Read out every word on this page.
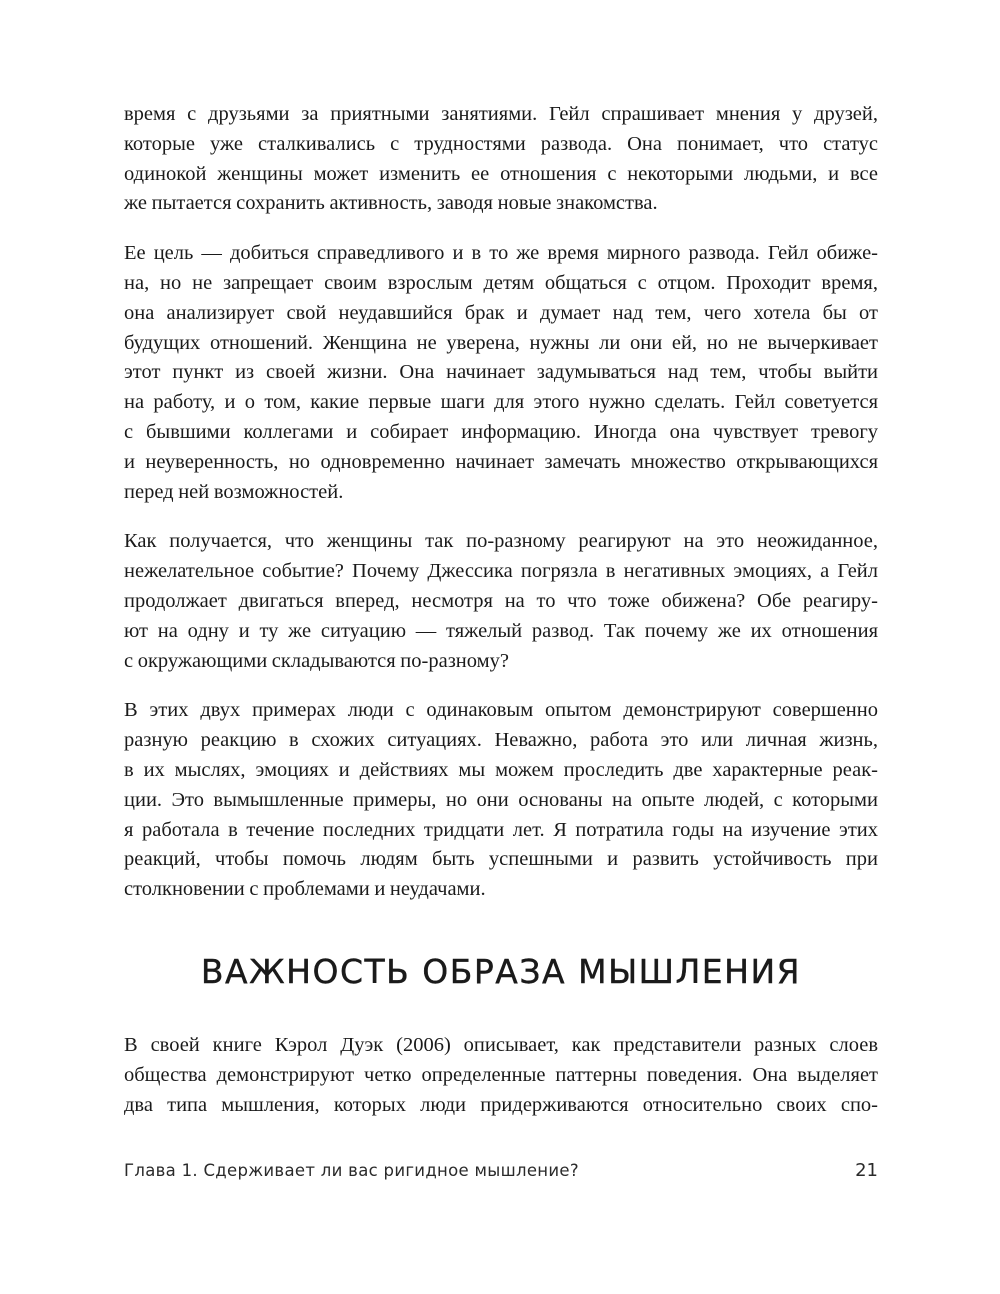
время с друзьями за приятными занятиями. Гейл спрашивает мнения у друзей,
которые уже сталкивались с трудностями развода. Она понимает, что статус
одинокой женщины может изменить ее отношения с некоторыми людьми, и все
же пытается сохранить активность, заводя новые знакомства.

Ее цель — добиться справедливого и в то же время мирного развода. Гейл обиже-
на, но не запрещает своим взрослым детям общаться с отцом. Проходит время,
она анализирует свой неудавшийся брак и думает над тем, чего хотела бы от
будущих отношений. Женщина не уверена, нужны ли они ей, но не вычеркивает
этот пункт из своей жизни. Она начинает задумываться над тем, чтобы выйти
на работу, и о том, какие первые шаги для этого нужно сделать. Гейл советуется
с бывшими коллегами и собирает информацию. Иногда она чувствует тревогу
и неуверенность, но одновременно начинает замечать множество открывающихся
перед ней возможностей.

Как получается, что женщины так по-разному реагируют на это неожиданное,
нежелательное событие? Почему Джессика погрязла в негативных эмоциях, а Гейл
продолжает двигаться вперед, несмотря на то что тоже обижена? Обе реагиру-
ют на одну и ту же ситуацию — тяжелый развод. Так почему же их отношения
с окружающими складываются по-разному?

В этих двух примерах люди с одинаковым опытом демонстрируют совершенно
разную реакцию в схожих ситуациях. Неважно, работа это или личная жизнь,
в их мыслях, эмоциях и действиях мы можем проследить две характерные реак-
ции. Это вымышленные примеры, но они основаны на опыте людей, с которыми
я работала в течение последних тридцати лет. Я потратила годы на изучение этих
реакций, чтобы помочь людям быть успешными и развить устойчивость при
столкновении с проблемами и неудачами.

ВАЖНОСТЬ ОБРАЗА МЫШЛЕНИЯ

В своей книге Кэрол Дуэк (2006) описывает, как представители разных слоев
общества демонстрируют четко определенные паттерны поведения. Она выделяет
два типа мышления, которых люди придерживаются относительно своих спо-

Глава 1. Сдерживает ли вас ригидное мышление?	21
